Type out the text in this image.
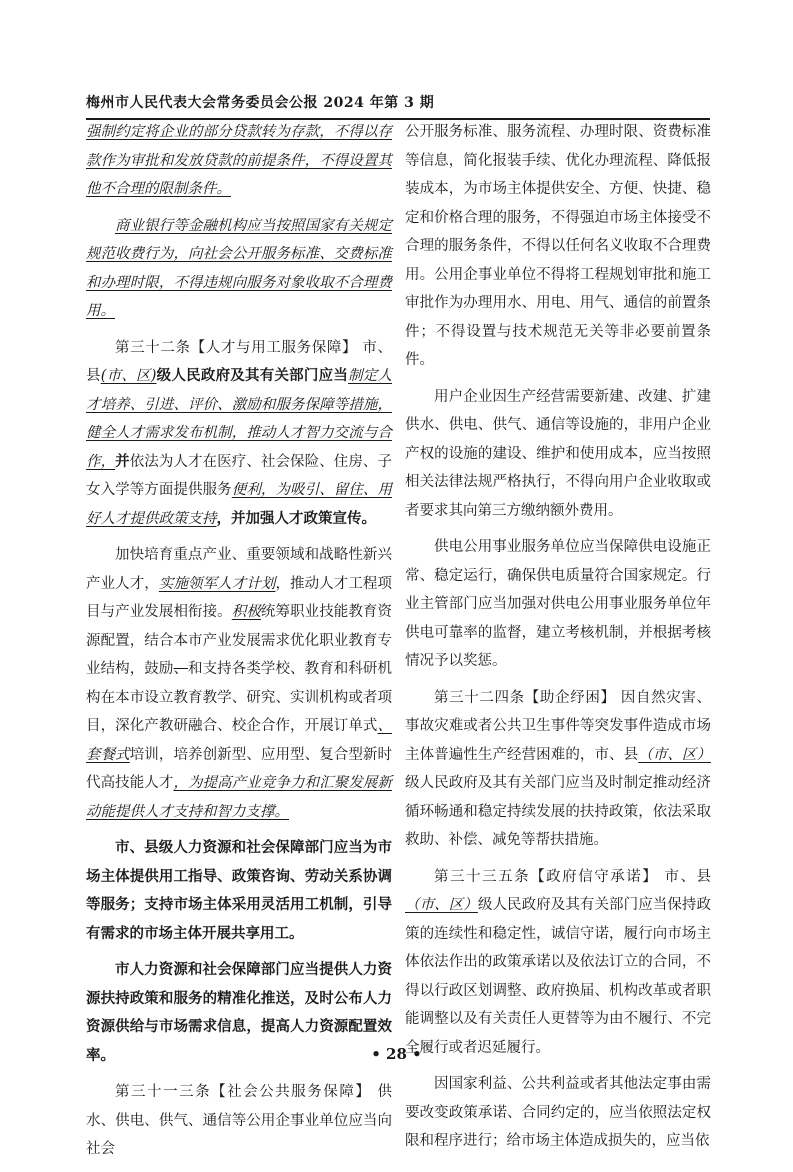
梅州市人民代表大会常务委员会公报 2024 年第 3 期

强制约定将企业的部分贷款转为存款，不得以存款作为审批和发放贷款的前提条件，不得设置其他不合理的限制条件。

商业银行等金融机构应当按照国家有关规定规范收费行为，向社会公开服务标准、交费标准和办理时限，不得违规向服务对象收取不合理费用。

第三十二条【人才与用工服务保障】 市、县(市、区)级人民政府及其有关部门应当制定人才培养、引进、评价、激励和服务保障等措施，健全人才需求发布机制，推动人才智力交流与合作，并依法为人才在医疗、社会保险、住房、子女入学等方面提供服务便利，为吸引、留住、用好人才提供政策支持，并加强人才政策宣传。

加快培育重点产业、重要领域和战略性新兴产业人才，实施领军人才计划，推动人才工程项目与产业发展相衔接。积极统筹职业技能教育资源配置，结合本市产业发展需求优化职业教育专业结构，鼓励、和支持各类学校、教育和科研机构在本市设立教育教学、研究、实训机构或者项目，深化产教研融合、校企合作，开展订单式、套餐式培训，培养创新型、应用型、复合型新时代高技能人才，为提高产业竞争力和汇聚发展新动能提供人才支持和智力支撑。

市、县级人力资源和社会保障部门应当为市场主体提供用工指导、政策咨询、劳动关系协调等服务；支持市场主体采用灵活用工机制，引导有需求的市场主体开展共享用工。

市人力资源和社会保障部门应当提供人力资源扶持政策和服务的精准化推送，及时公布人力资源供给与市场需求信息，提高人力资源配置效率。

第三十一三条【社会公共服务保障】 供水、供电、供气、通信等公用企事业单位应当向社会

公开服务标准、服务流程、办理时限、资费标准等信息，简化报装手续、优化办理流程、降低报装成本，为市场主体提供安全、方便、快捷、稳定和价格合理的服务，不得强迫市场主体接受不合理的服务条件，不得以任何名义收取不合理费用。公用企事业单位不得将工程规划审批和施工审批作为办理用水、用电、用气、通信的前置条件；不得设置与技术规范无关等非必要前置条件。

用户企业因生产经营需要新建、改建、扩建供水、供电、供气、通信等设施的，非用户企业产权的设施的建设、维护和使用成本，应当按照相关法律法规严格执行，不得向用户企业收取或者要求其向第三方缴纳额外费用。

供电公用事业服务单位应当保障供电设施正常、稳定运行，确保供电质量符合国家规定。行业主管部门应当加强对供电公用事业服务单位年供电可靠率的监督，建立考核机制，并根据考核情况予以奖惩。

第三十二四条【助企纾困】 因自然灾害、事故灾难或者公共卫生事件等突发事件造成市场主体普遍性生产经营困难的，市、县（市、区）级人民政府及其有关部门应当及时制定推动经济循环畅通和稳定持续发展的扶持政策，依法采取救助、补偿、减免等帮扶措施。

第三十三五条【政府信守承诺】 市、县（市、区）级人民政府及其有关部门应当保持政策的连续性和稳定性，诚信守诺，履行向市场主体依法作出的政策承诺以及依法订立的合同，不得以行政区划调整、政府换届、机构改革或者职能调整以及有关责任人更替等为由不履行、不完全履行或者迟延履行。

因国家利益、公共利益或者其他法定事由需要改变政策承诺、合同约定的，应当依照法定权限和程序进行；给市场主体造成损失的，应当依

• 28 •
